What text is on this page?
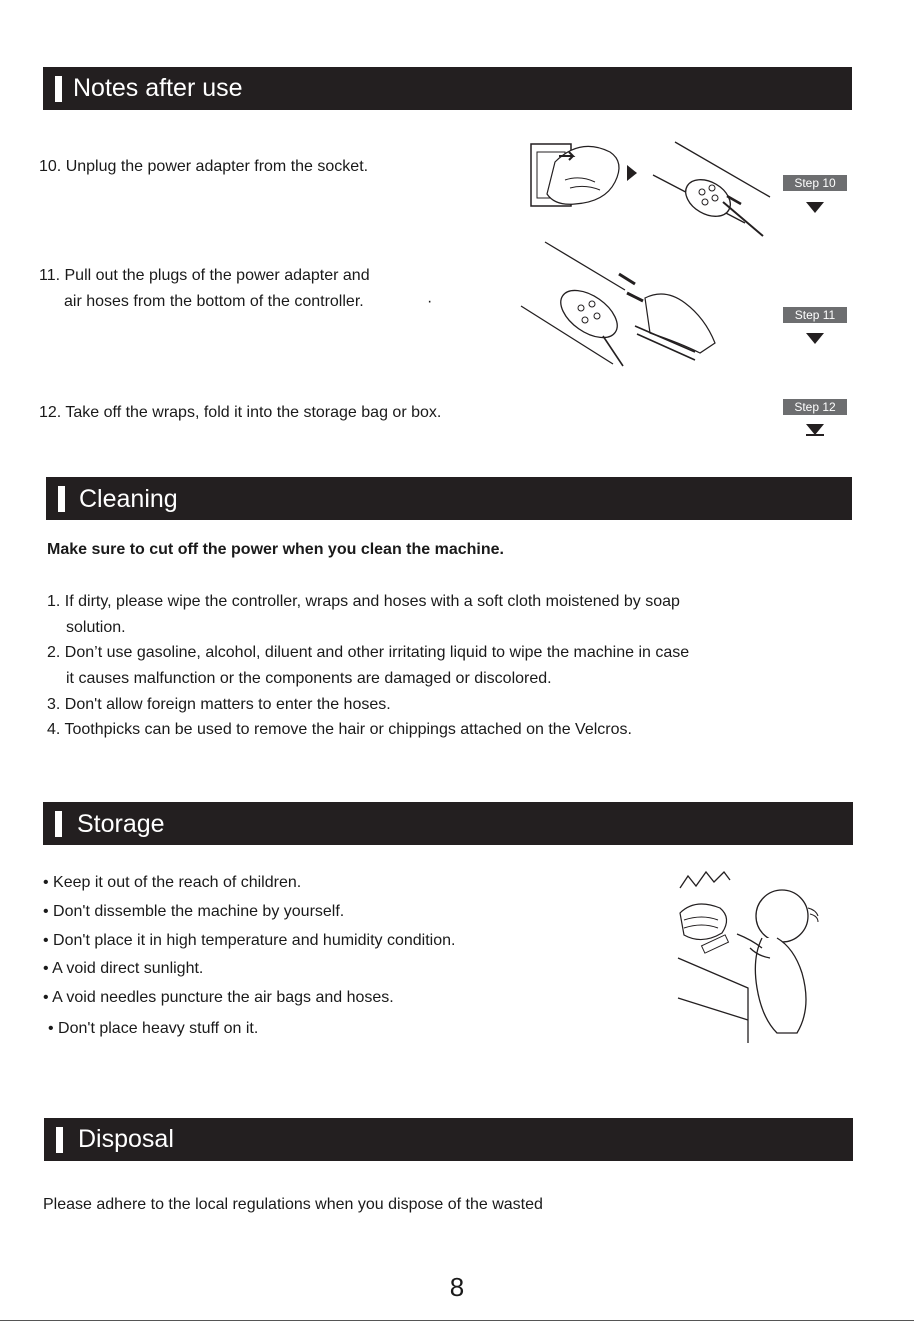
Notes after use
10. Unplug the power adapter from the socket.
11. Pull out the plugs of the power adapter and
air hoses from the bottom of the controller.	·
12. Take off the wraps, fold it into the storage bag or box.
Step 10
Step 11
Step 12
Cleaning
Make sure to cut off the power when you clean the machine.
1. If dirty, please wipe the controller, wraps and hoses with a soft cloth moistened by soap
solution.
2. Don’t use gasoline, alcohol, diluent and other irritating liquid to wipe the machine in case
it causes malfunction or the components are damaged or discolored.
3. Don't allow foreign matters to enter the hoses.
4. Toothpicks can be used to remove the hair or chippings attached on the Velcros.
Storage
• Keep it out of the reach of children.
• Don't dissemble the machine by yourself.
• Don't place it in high temperature and humidity condition.
• A void direct sunlight.
• A void needles puncture the air bags and hoses.
• Don't place heavy stuff on it.
Disposal
Please adhere to the local regulations when you dispose of the wasted
8
